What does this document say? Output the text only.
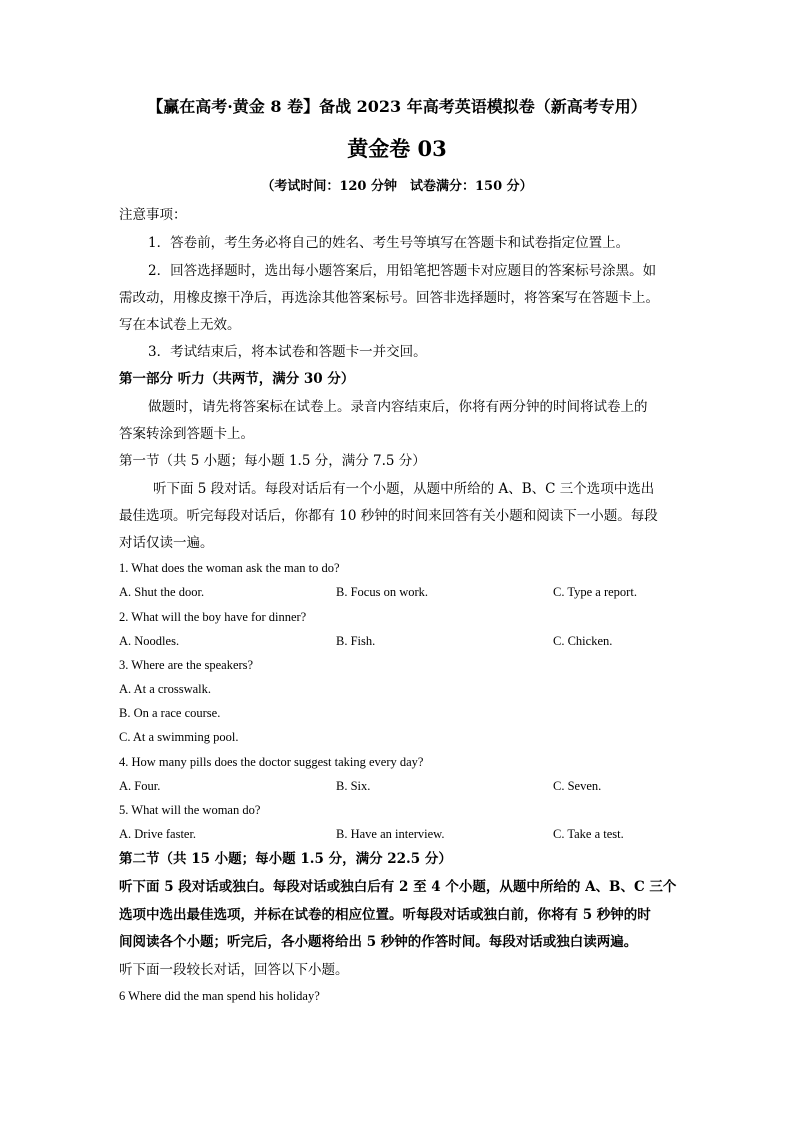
【赢在高考·黄金 8 卷】备战 2023 年高考英语模拟卷（新高考专用）
黄金卷 03
（考试时间：120 分钟　试卷满分：150 分）
注意事项：
1．答卷前，考生务必将自己的姓名、考生号等填写在答题卡和试卷指定位置上。
2．回答选择题时，选出每小题答案后，用铅笔把答题卡对应题目的答案标号涂黑。如
需改动，用橡皮擦干净后，再选涂其他答案标号。回答非选择题时，将答案写在答题卡上。
写在本试卷上无效。
3．考试结束后，将本试卷和答题卡一并交回。
第一部分 听力（共两节，满分 30 分）
做题时，请先将答案标在试卷上。录音内容结束后，你将有两分钟的时间将试卷上的
答案转涂到答题卡上。
第一节（共 5 小题；每小题 1.5 分，满分 7.5 分）
听下面 5 段对话。每段对话后有一个小题，从题中所给的 A、B、C 三个选项中选出
最佳选项。听完每段对话后，你都有 10 秒钟的时间来回答有关小题和阅读下一小题。每段
对话仅读一遍。
1. What does the woman ask the man to do?
A. Shut the door.	B. Focus on work.	C. Type a report.
2. What will the boy have for dinner?
A. Noodles.	B. Fish.	C. Chicken.
3. Where are the speakers?
A. At a crosswalk.
B. On a race course.
C. At a swimming pool.
4. How many pills does the doctor suggest taking every day?
A. Four.	B. Six.	C. Seven.
5. What will the woman do?
A. Drive faster.	B. Have an interview.	C. Take a test.
第二节（共 15 小题；每小题 1.5 分，满分 22.5 分）
听下面 5 段对话或独白。每段对话或独白后有 2 至 4 个小题，从题中所给的 A、B、C 三个
选项中选出最佳选项，并标在试卷的相应位置。听每段对话或独白前，你将有 5 秒钟的时
间阅读各个小题；听完后，各小题将给出 5 秒钟的作答时间。每段对话或独白读两遍。
听下面一段较长对话，回答以下小题。
6 Where did the man spend his holiday?
